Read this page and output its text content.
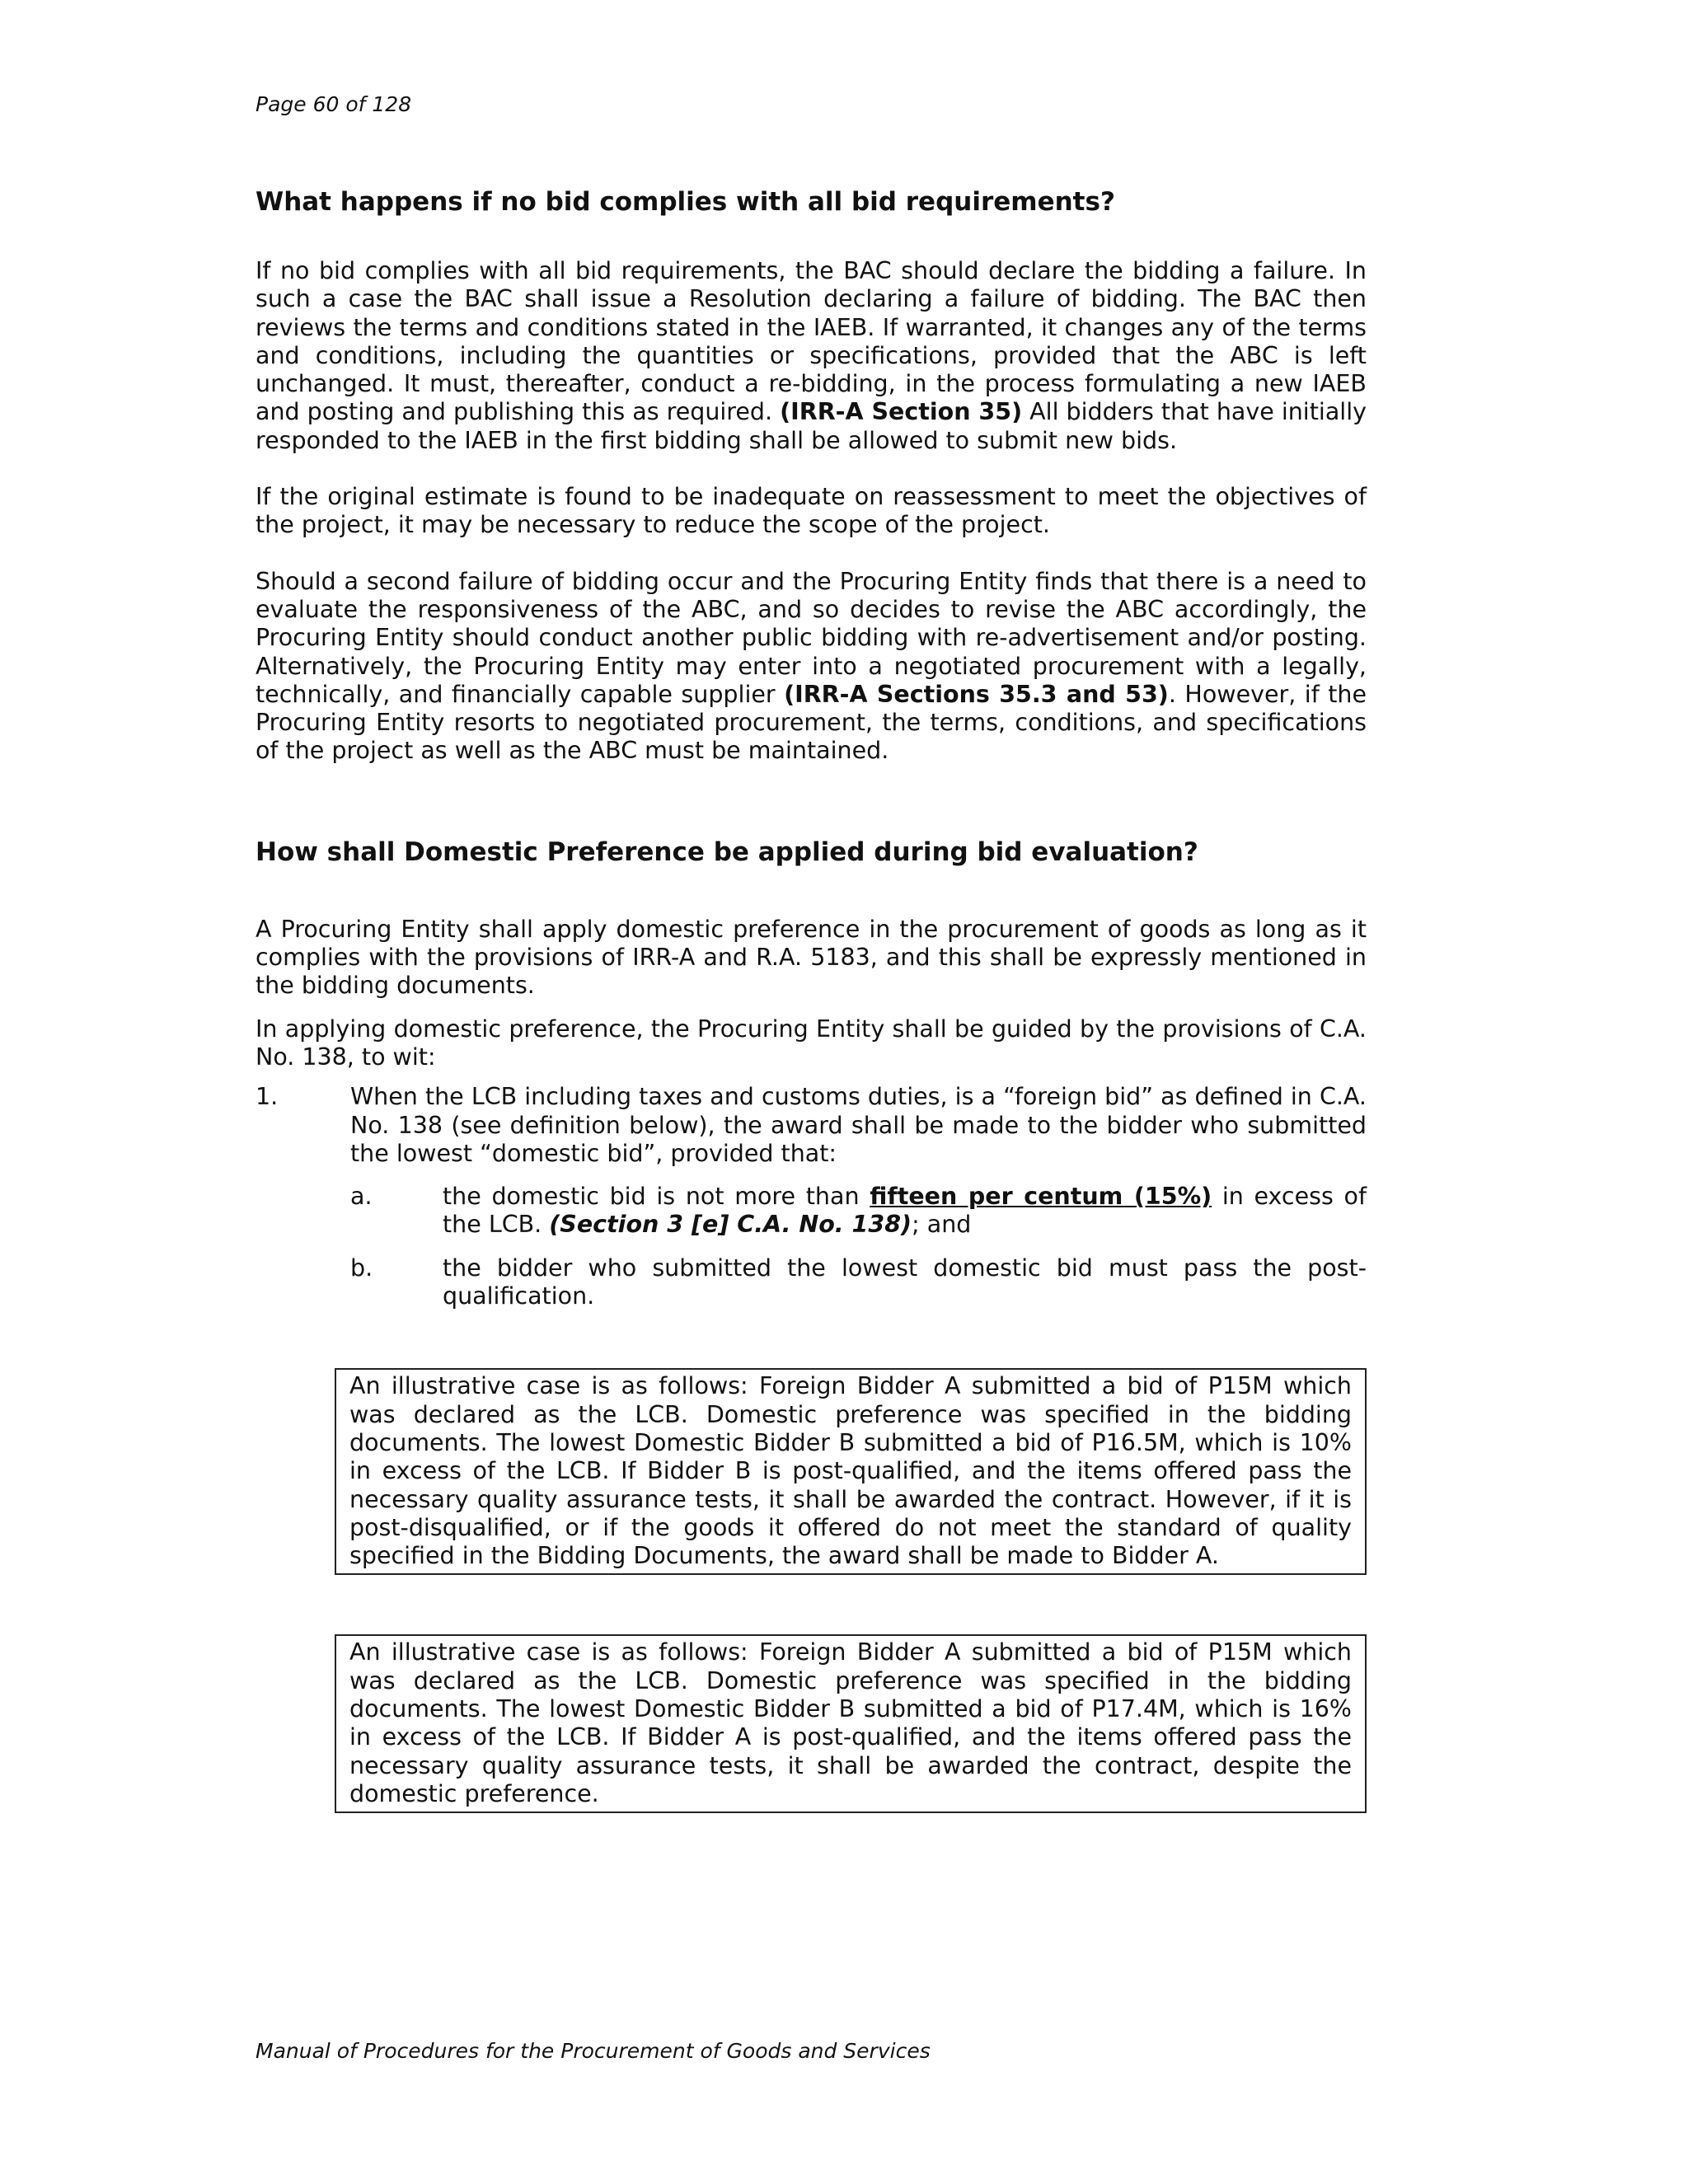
Page 60 of 128
What happens if no bid complies with all bid requirements?

If no bid complies with all bid requirements, the BAC should declare the bidding a failure. In such a case the BAC shall issue a Resolution declaring a failure of bidding. The BAC then reviews the terms and conditions stated in the IAEB. If warranted, it changes any of the terms and conditions, including the quantities or specifications, provided that the ABC is left unchanged. It must, thereafter, conduct a re-bidding, in the process formulating a new IAEB and posting and publishing this as required. (IRR-A Section 35) All bidders that have initially responded to the IAEB in the first bidding shall be allowed to submit new bids.

If the original estimate is found to be inadequate on reassessment to meet the objectives of the project, it may be necessary to reduce the scope of the project.

Should a second failure of bidding occur and the Procuring Entity finds that there is a need to evaluate the responsiveness of the ABC, and so decides to revise the ABC accordingly, the Procuring Entity should conduct another public bidding with re-advertisement and/or posting. Alternatively, the Procuring Entity may enter into a negotiated procurement with a legally, technically, and financially capable supplier (IRR-A Sections 35.3 and 53). However, if the Procuring Entity resorts to negotiated procurement, the terms, conditions, and specifications of the project as well as the ABC must be maintained.

How shall Domestic Preference be applied during bid evaluation?

A Procuring Entity shall apply domestic preference in the procurement of goods as long as it complies with the provisions of IRR-A and R.A. 5183, and this shall be expressly mentioned in the bidding documents.

In applying domestic preference, the Procuring Entity shall be guided by the provisions of C.A. No. 138, to wit:

1.	When the LCB including taxes and customs duties, is a “foreign bid” as defined in C.A. No. 138 (see definition below), the award shall be made to the bidder who submitted the lowest “domestic bid”, provided that:

a.	the domestic bid is not more than fifteen per centum (15%) in excess of the LCB. (Section 3 [e] C.A. No. 138); and

b.	the bidder who submitted the lowest domestic bid must pass the post-qualification.

An illustrative case is as follows: Foreign Bidder A submitted a bid of P15M which was declared as the LCB. Domestic preference was specified in the bidding documents. The lowest Domestic Bidder B submitted a bid of P16.5M, which is 10% in excess of the LCB. If Bidder B is post-qualified, and the items offered pass the necessary quality assurance tests, it shall be awarded the contract. However, if it is post-disqualified, or if the goods it offered do not meet the standard of quality specified in the Bidding Documents, the award shall be made to Bidder A.

An illustrative case is as follows: Foreign Bidder A submitted a bid of P15M which was declared as the LCB. Domestic preference was specified in the bidding documents. The lowest Domestic Bidder B submitted a bid of P17.4M, which is 16% in excess of the LCB. If Bidder A is post-qualified, and the items offered pass the necessary quality assurance tests, it shall be awarded the contract, despite the domestic preference.

Manual of Procedures for the Procurement of Goods and Services
